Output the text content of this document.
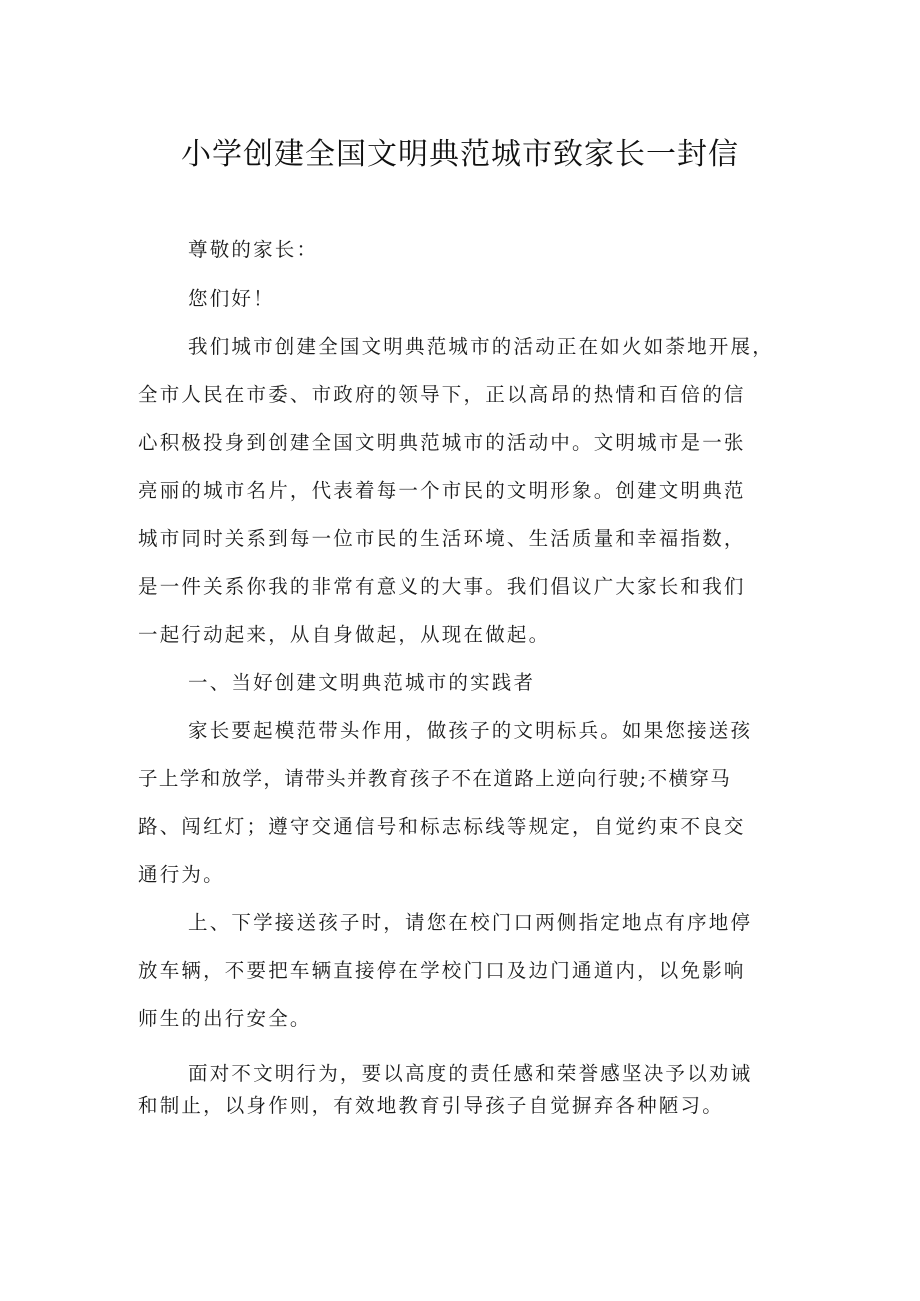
小学创建全国文明典范城市致家长一封信
尊敬的家长：
您们好！
我们城市创建全国文明典范城市的活动正在如火如荼地开展，
全市人民在市委、市政府的领导下，正以高昂的热情和百倍的信
心积极投身到创建全国文明典范城市的活动中。文明城市是一张
亮丽的城市名片，代表着每一个市民的文明形象。创建文明典范
城市同时关系到每一位市民的生活环境、生活质量和幸福指数，
是一件关系你我的非常有意义的大事。我们倡议广大家长和我们
一起行动起来，从自身做起，从现在做起。
一、当好创建文明典范城市的实践者
家长要起模范带头作用，做孩子的文明标兵。如果您接送孩
子上学和放学，请带头并教育孩子不在道路上逆向行驶;不横穿马
路、闯红灯；遵守交通信号和标志标线等规定，自觉约束不良交
通行为。
上、下学接送孩子时，请您在校门口两侧指定地点有序地停
放车辆，不要把车辆直接停在学校门口及边门通道内，以免影响
师生的出行安全。
面对不文明行为，要以高度的责任感和荣誉感坚决予以劝诫
和制止，以身作则，有效地教育引导孩子自觉摒弃各种陋习。
